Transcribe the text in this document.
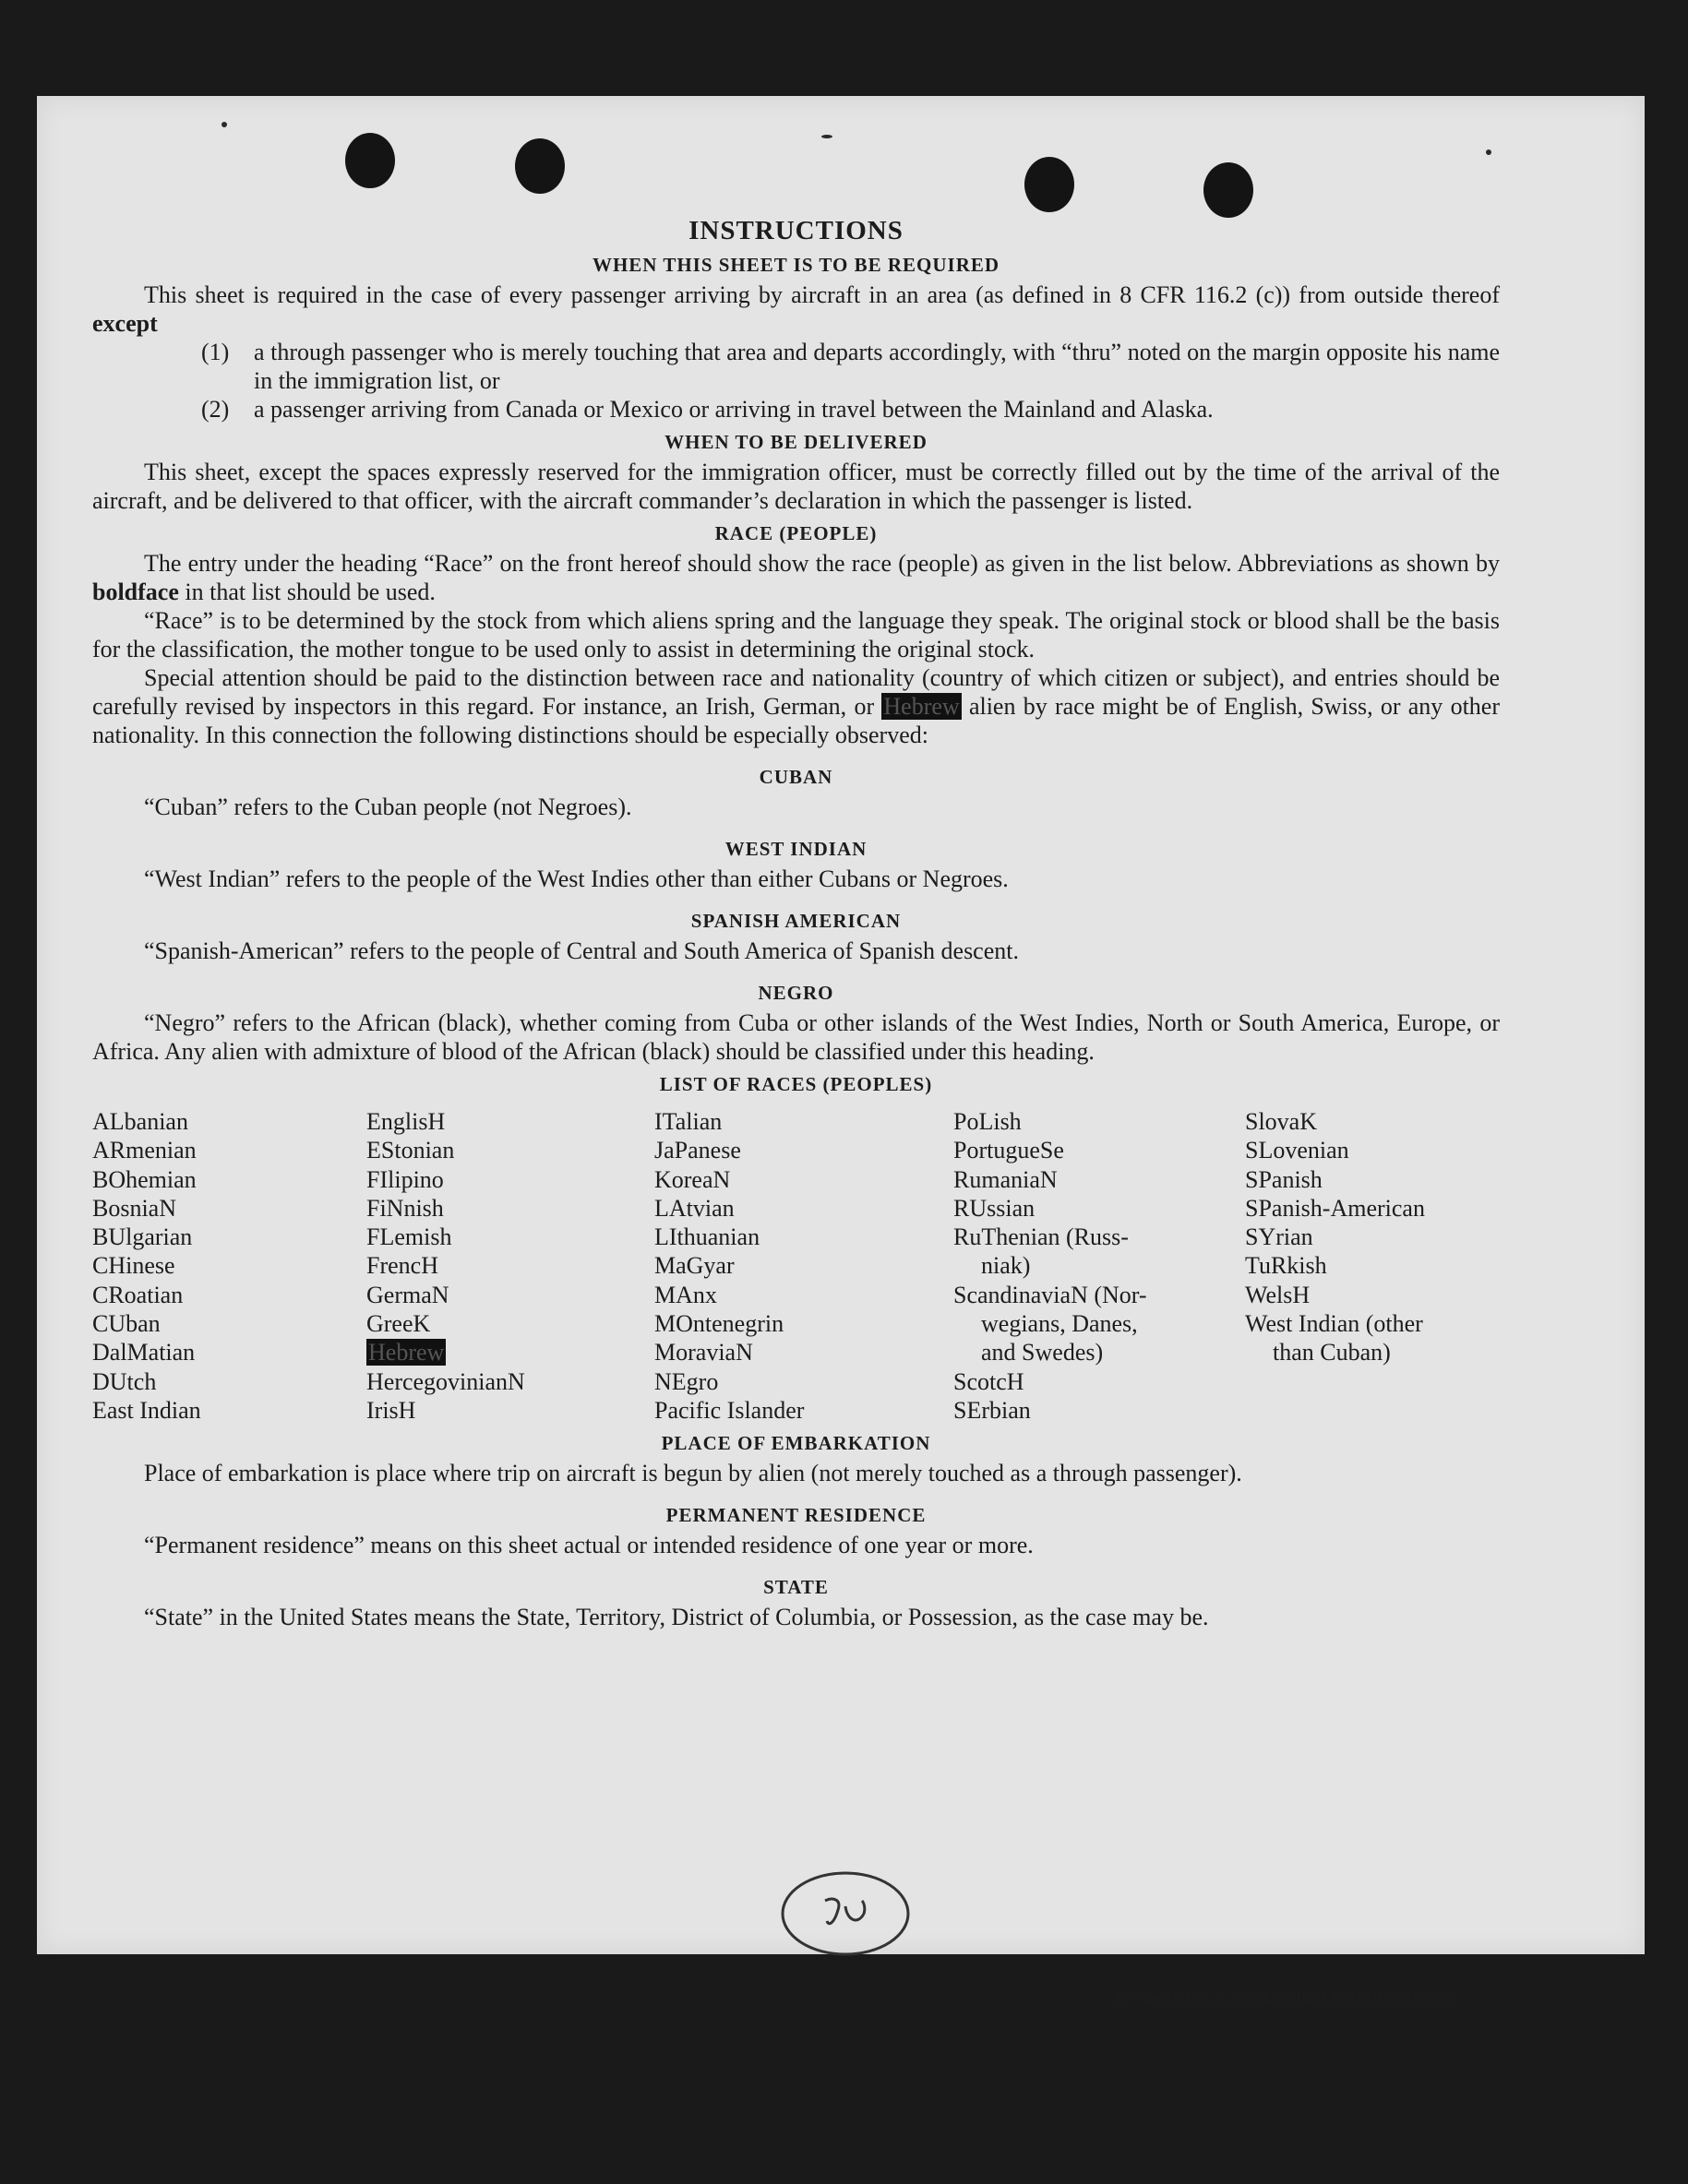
INSTRUCTIONS
WHEN THIS SHEET IS TO BE REQUIRED

This sheet is required in the case of every passenger arriving by aircraft in an area (as defined in 8 CFR 116.2 (c)) from outside thereof except

(1) a through passenger who is merely touching that area and departs accordingly, with “thru” noted on the margin opposite his name in the immigration list, or
(2) a passenger arriving from Canada or Mexico or arriving in travel between the Mainland and Alaska.
WHEN TO BE DELIVERED

This sheet, except the spaces expressly reserved for the immigration officer, must be correctly filled out by the time of the arrival of the aircraft, and be delivered to that officer, with the aircraft commander’s declaration in which the passenger is listed.

RACE (PEOPLE)

The entry under the heading “Race” on the front hereof should show the race (people) as given in the list below. Abbreviations as shown by boldface in that list should be used.

“Race” is to be determined by the stock from which aliens spring and the language they speak. The original stock or blood shall be the basis for the classification, the mother tongue to be used only to assist in determining the original stock.

Special attention should be paid to the distinction between race and nationality (country of which citizen or subject), and entries should be carefully revised by inspectors in this regard. For instance, an Irish, German, or Hebrew alien by race might be of English, Swiss, or any other nationality. In this connection the following distinctions should be especially observed:

CUBAN

“Cuban” refers to the Cuban people (not Negroes).

WEST INDIAN

“West Indian” refers to the people of the West Indies other than either Cubans or Negroes.

SPANISH AMERICAN

“Spanish-American” refers to the people of Central and South America of Spanish descent.

NEGRO

“Negro” refers to the African (black), whether coming from Cuba or other islands of the West Indies, North or South America, Europe, or Africa. Any alien with admixture of blood of the African (black) should be classified under this heading.

LIST OF RACES (PEOPLES)
ALbanian
ARmenian
BOhemian
BosniaN
BUlgarian
CHinese
CRoatian
CUban
DalMatian
DUtch
East Indian
EnglisH
EStonian
FIlipino
FiNnish
FLemish
FrencH
GermaN
GreeK
Hebrew
HercegovinianN
IrisH
ITalian
JaPanese
KoreaN
LAtvian
LIthuanian
MaGyar
MAnx
MOntenegrin
MoraviaN
NEgro
Pacific Islander
PoLish
PortugueSe
RumaniaN
RUssian
RuThenian (Russ-
niak)
ScandinaviaN (Nor-
wegians, Danes,
and Swedes)
ScotcH
SErbian
SlovaK
SLovenian
SPanish
SPanish-American
SYrian
TuRkish
WelsH
West Indian (other
than Cuban)
PLACE OF EMBARKATION

Place of embarkation is place where trip on aircraft is begun by alien (not merely touched as a through passenger).

PERMANENT RESIDENCE

“Permanent residence” means on this sheet actual or intended residence of one year or more.

STATE

“State” in the United States means the State, Territory, District of Columbia, or Possession, as the case may be.

16—24915-1 U. S. GOVERNMENT PRINTING OFFICE
